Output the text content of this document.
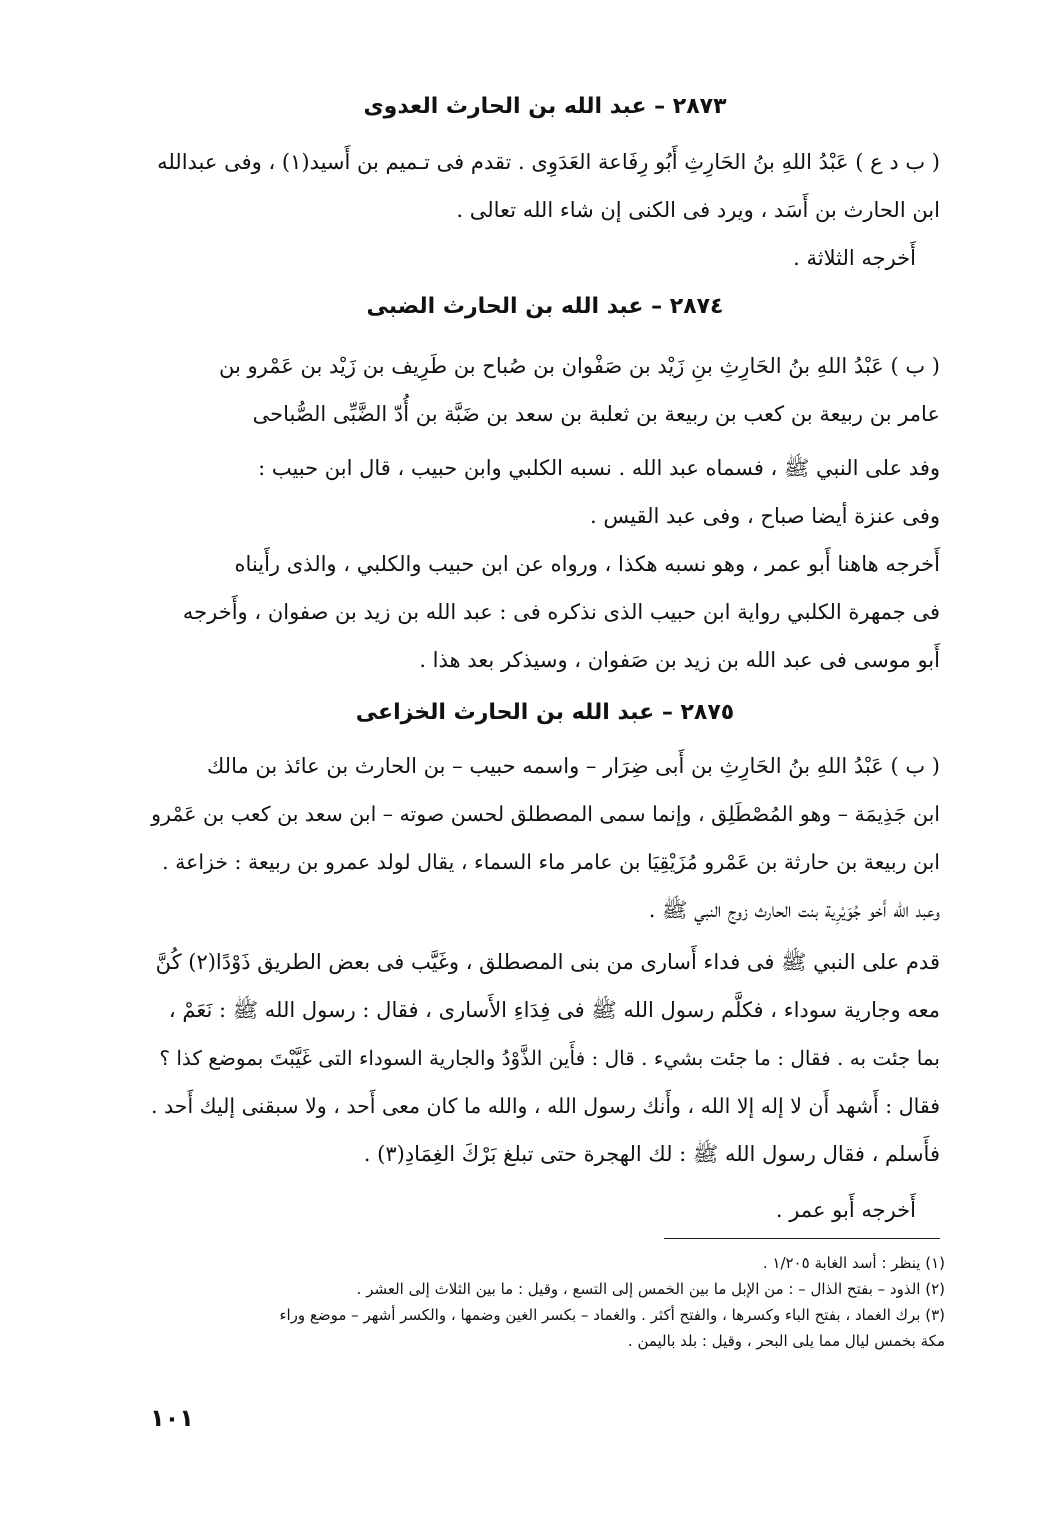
٢٨٧٣ – عبد الله بن الحارث العدوى
( ب د ع ) عَبْدُ اللهِ بنُ الحَارِثِ أَبُو رِفَاعة العَدَوِى . تقدم فى تـميم بن أَسيد(١) ، وفى عبدالله
ابن الحارث بن أَسَد ، ويرد فى الكنى إن شاء الله تعالى .
أَخرجه الثلاثة .
٢٨٧٤ – عبد الله بن الحارث الضبى
( ب ) عَبْدُ اللهِ بنُ الحَارِثِ بنِ زَيْد بن صَفْوان بن صُباح بن طَرِيف بن زَيْد بن عَمْرو بن
عامر بن ربيعة بن كعب بن ربيعة بن ثعلبة بن سعد بن ضَبَّة بن أُدّ الضَّبِّى الصُّباحى
وفد على النبي ﷺ ، فسماه عبد الله . نسبه الكلبي وابن حبيب ، قال ابن حبيب :
وفى عنزة أيضا صباح ، وفى عبد القيس .
أَخرجه هاهنا أَبو عمر ، وهو نسبه هكذا ، ورواه عن ابن حبيب والكلبي ، والذى رأَيناه
فى جمهرة الكلبي رواية ابن حبيب الذى نذكره فى : عبد الله بن زيد بن صفوان ، وأَخرجه
أَبو موسى فى عبد الله بن زيد بن صَفوان ، وسيذكر بعد هذا .
٢٨٧٥ – عبد الله بن الحارث الخزاعى
( ب ) عَبْدُ اللهِ بنُ الحَارِثِ بن أَبى ضِرَار – واسمه حبيب – بن الحارث بن عائذ بن مالك
ابن جَذِيمَة – وهو المُصْطَلِق ، وإنما سمى المصطلق لحسن صوته – ابن سعد بن كعب بن عَمْرو
ابن ربيعة بن حارثة بن عَمْرو مُزَيْقِيَا بن عامر ماء السماء ، يقال لولد عمرو بن ربيعة : خزاعة .
وعبد الله أَخو جُوَيْرِية بنت الحارث زوج النبي ﷺ .
قدم على النبي ﷺ فى فداء أَسارى من بنى المصطلق ، وغَيَّب فى بعض الطريق ذَوْدًا(٢) كُنَّ
معه وجارية سوداء ، فكلَّم رسول الله ﷺ فى فِدَاءِ الأَسارى ، فقال : رسول الله ﷺ : نَعَمْ ،
بما جئت به . فقال : ما جئت بشيء . قال : فأَين الذَّوْدُ والجارية السوداء التى غَيَّبْتَ بموضع كذا ؟
فقال : أَشهد أَن لا إله إلا الله ، وأَنك رسول الله ، والله ما كان معى أَحد ، ولا سبقنى إليك أَحد .
فأَسلم ، فقال رسول الله ﷺ : لك الهجرة حتى تبلغ بَرْكَ الغِمَادِ(٣) .
أَخرجه أَبو عمر .
(١) ينظر : أسد الغابة ١/٢٠٥ .
(٢) الذود – بفتح الذال – : من الإبل ما بين الخمس إلى التسع ، وقيل : ما بين الثلاث إلى العشر .
(٣) برك الغماد ، بفتح الباء وكسرها ، والفتح أكثر . والغماد – بكسر الغين وضمها ، والكسر أشهر – موضع وراء
مكة بخمس ليال مما يلى البحر ، وقيل : بلد باليمن .
١٠١
